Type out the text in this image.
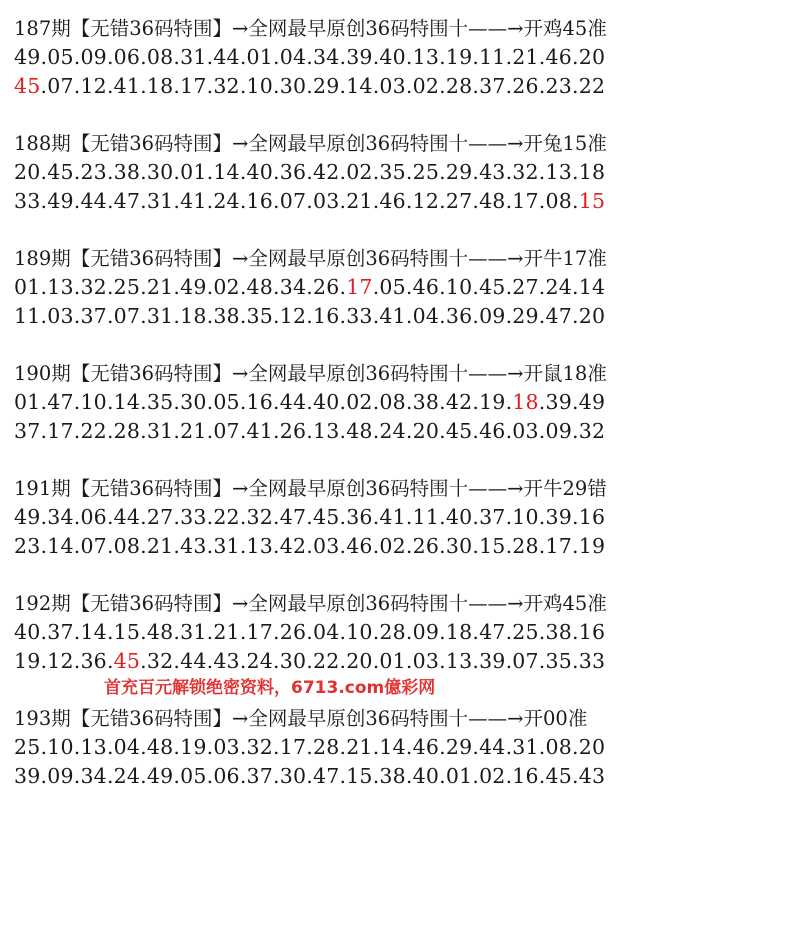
187期【无错36码特围】→全网最早原创36码特围十——→开鸡45准
49.05.09.06.08.31.44.01.04.34.39.40.13.19.11.21.46.20
45.07.12.41.18.17.32.10.30.29.14.03.02.28.37.26.23.22
188期【无错36码特围】→全网最早原创36码特围十——→开兔15准
20.45.23.38.30.01.14.40.36.42.02.35.25.29.43.32.13.18
33.49.44.47.31.41.24.16.07.03.21.46.12.27.48.17.08.15
189期【无错36码特围】→全网最早原创36码特围十——→开牛17准
01.13.32.25.21.49.02.48.34.26.17.05.46.10.45.27.24.14
11.03.37.07.31.18.38.35.12.16.33.41.04.36.09.29.47.20
190期【无错36码特围】→全网最早原创36码特围十——→开鼠18准
01.47.10.14.35.30.05.16.44.40.02.08.38.42.19.18.39.49
37.17.22.28.31.21.07.41.26.13.48.24.20.45.46.03.09.32
191期【无错36码特围】→全网最早原创36码特围十——→开牛29错
49.34.06.44.27.33.22.32.47.45.36.41.11.40.37.10.39.16
23.14.07.08.21.43.31.13.42.03.46.02.26.30.15.28.17.19
192期【无错36码特围】→全网最早原创36码特围十——→开鸡45准
40.37.14.15.48.31.21.17.26.04.10.28.09.18.47.25.38.16
19.12.36.45.32.44.43.24.30.22.20.01.03.13.39.07.35.33
193期【无错36码特围】→全网最早原创36码特围十——→开00准
25.10.13.04.48.19.03.32.17.28.21.14.46.29.44.31.08.20
39.09.34.24.49.05.06.37.30.47.15.38.40.01.02.16.45.43
首充百元解锁绝密资料，6713.com億彩网
